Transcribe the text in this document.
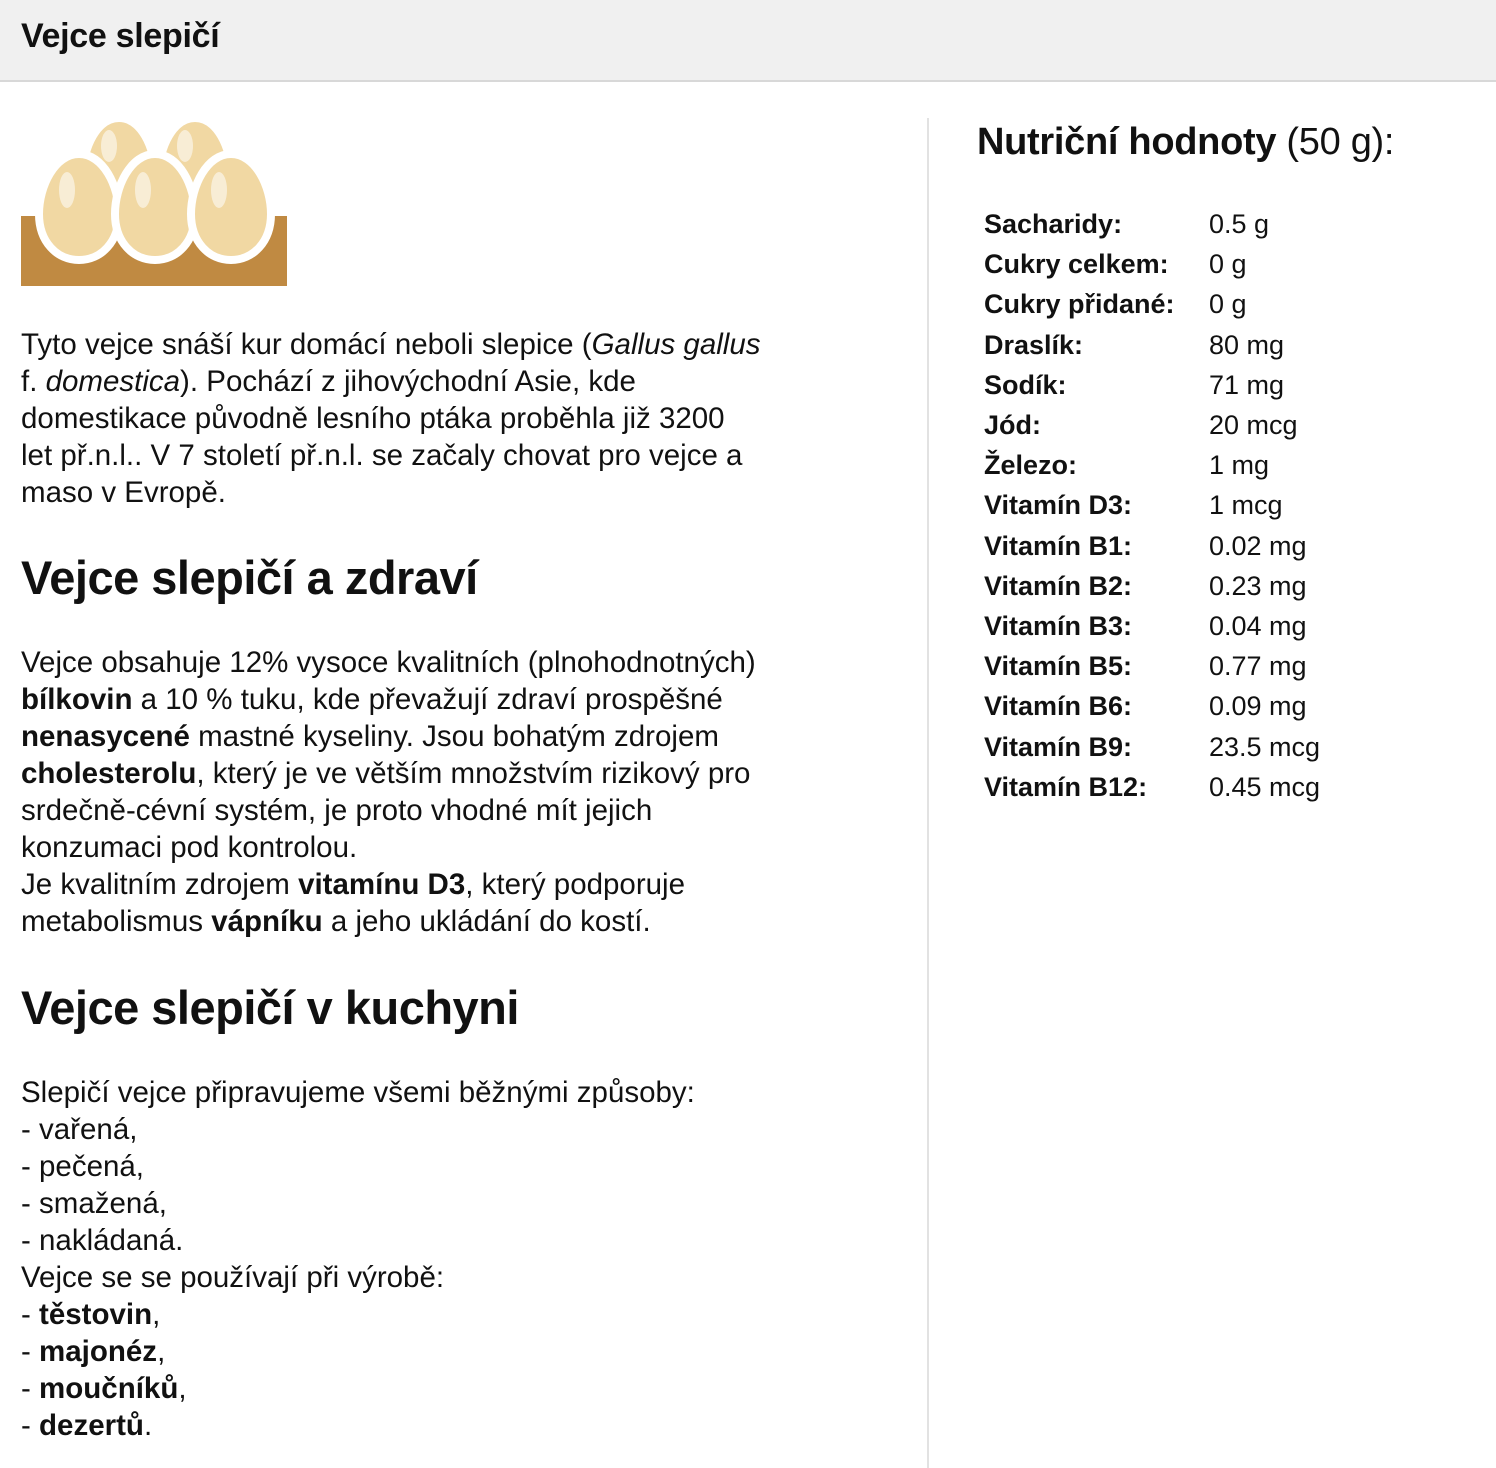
Vejce slepičí
Tyto vejce snáší kur domácí neboli slepice (Gallus gallus
f. domestica). Pochází z jihovýchodní Asie, kde
domestikace původně lesního ptáka proběhla již 3200
let př.n.l.. V 7 století př.n.l. se začaly chovat pro vejce a
maso v Evropě.
Vejce slepičí a zdraví
Vejce obsahuje 12% vysoce kvalitních (plnohodnotných)
bílkovin a 10 % tuku, kde převažují zdraví prospěšné
nenasycené mastné kyseliny. Jsou bohatým zdrojem
cholesterolu, který je ve větším množstvím rizikový pro
srdečně-cévní systém, je proto vhodné mít jejich
konzumaci pod kontrolou.
Je kvalitním zdrojem vitamínu D3, který podporuje
metabolismus vápníku a jeho ukládání do kostí.
Vejce slepičí v kuchyni
Slepičí vejce připravujeme všemi běžnými způsoby:
- vařená,
- pečená,
- smažená,
- nakládaná.
Vejce se se používají při výrobě:
- těstovin,
- majonéz,
- moučníků,
- dezertů.
Nutriční hodnoty (50 g):
Sacharidy:	0.5 g
Cukry celkem:	0 g
Cukry přidané:	0 g
Draslík:	80 mg
Sodík:	71 mg
Jód:	20 mcg
Železo:	1 mg
Vitamín D3:	1 mcg
Vitamín B1:	0.02 mg
Vitamín B2:	0.23 mg
Vitamín B3:	0.04 mg
Vitamín B5:	0.77 mg
Vitamín B6:	0.09 mg
Vitamín B9:	23.5 mcg
Vitamín B12:	0.45 mcg
